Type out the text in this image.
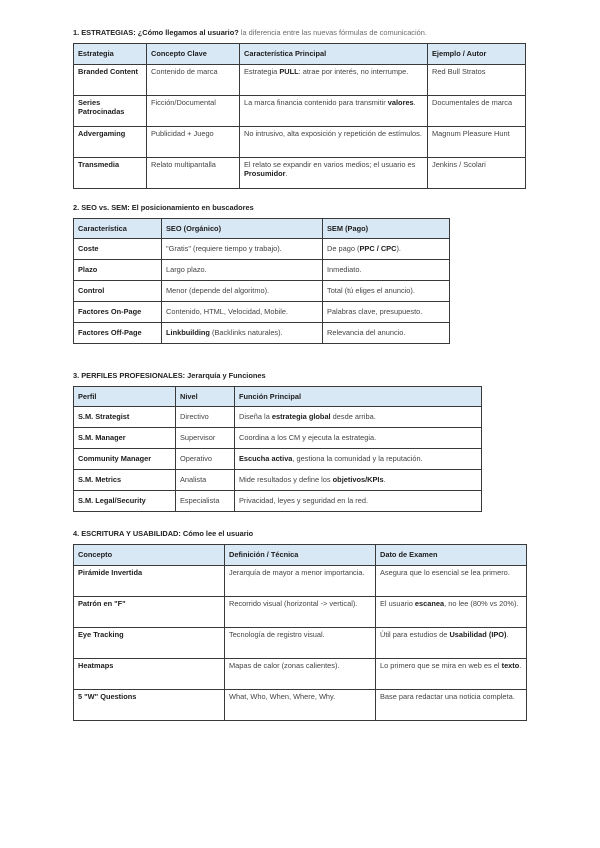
1. ESTRATEGIAS: ¿Cómo llegamos al usuario? la diferencia entre las nuevas fórmulas de comunicación.
Estrategia	Concepto Clave	Característica Principal	Ejemplo / Autor
Branded Content	Contenido de marca	Estrategia PULL: atrae por interés, no interrumpe.	Red Bull Stratos
Series Patrocinadas	Ficción/Documental	La marca financia contenido para transmitir valores.	Documentales de marca
Advergaming	Publicidad + Juego	No intrusivo, alta exposición y repetición de estímulos.	Magnum Pleasure Hunt
Transmedia	Relato multipantalla	El relato se expandir en varios medios; el usuario es Prosumidor.	Jenkins / Scolari
2. SEO vs. SEM: El posicionamiento en buscadores
Característica	SEO (Orgánico)	SEM (Pago)
Coste	"Gratis" (requiere tiempo y trabajo).	De pago (PPC / CPC).
Plazo	Largo plazo.	Inmediato.
Control	Menor (depende del algoritmo).	Total (tú eliges el anuncio).
Factores On-Page	Contenido, HTML, Velocidad, Mobile.	Palabras clave, presupuesto.
Factores Off-Page	Linkbuilding (Backlinks naturales).	Relevancia del anuncio.
3. PERFILES PROFESIONALES: Jerarquía y Funciones
Perfil	Nivel	Función Principal
S.M. Strategist	Directivo	Diseña la estrategia global desde arriba.
S.M. Manager	Supervisor	Coordina a los CM y ejecuta la estrategia.
Community Manager	Operativo	Escucha activa, gestiona la comunidad y la reputación.
S.M. Metrics	Analista	Mide resultados y define los objetivos/KPIs.
S.M. Legal/Security	Especialista	Privacidad, leyes y seguridad en la red.
4. ESCRITURA Y USABILIDAD: Cómo lee el usuario
Concepto	Definición / Técnica	Dato de Examen
Pirámide Invertida	Jerarquía de mayor a menor importancia.	Asegura que lo esencial se lea primero.
Patrón en "F"	Recorrido visual (horizontal -> vertical).	El usuario escanea, no lee (80% vs 20%).
Eye Tracking	Tecnología de registro visual.	Útil para estudios de Usabilidad (IPO).
Heatmaps	Mapas de calor (zonas calientes).	Lo primero que se mira en web es el texto.
5 "W" Questions	What, Who, When, Where, Why.	Base para redactar una noticia completa.
